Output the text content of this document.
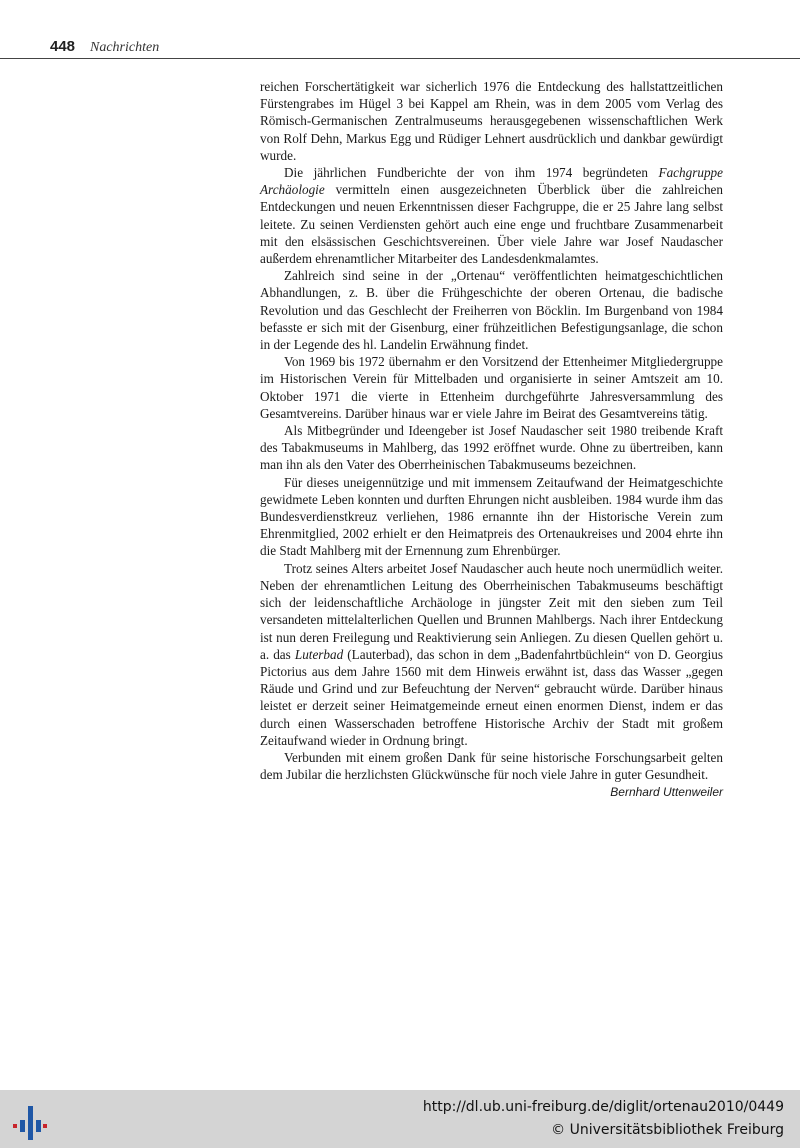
448 Nachrichten

reichen Forschertätigkeit war sicherlich 1976 die Entdeckung des hallstattzeitlichen Fürstengrabes im Hügel 3 bei Kappel am Rhein, was in dem 2005 vom Verlag des Römisch-Germanischen Zentralmuseums herausgegebenen wissenschaftlichen Werk von Rolf Dehn, Markus Egg und Rüdiger Lehnert ausdrücklich und dankbar gewürdigt wurde.

Die jährlichen Fundberichte der von ihm 1974 begründeten Fachgruppe Archäologie vermitteln einen ausgezeichneten Überblick über die zahlreichen Entdeckungen und neuen Erkenntnissen dieser Fachgruppe, die er 25 Jahre lang selbst leitete. Zu seinen Verdiensten gehört auch eine enge und fruchtbare Zusammenarbeit mit den elsässischen Geschichtsvereinen. Über viele Jahre war Josef Naudascher außerdem ehrenamtlicher Mitarbeiter des Landesdenkmalamtes.

Zahlreich sind seine in der „Ortenau“ veröffentlichten heimatgeschichtlichen Abhandlungen, z. B. über die Frühgeschichte der oberen Ortenau, die badische Revolution und das Geschlecht der Freiherren von Böcklin. Im Burgenband von 1984 befasste er sich mit der Gisenburg, einer frühzeitlichen Befestigungsanlage, die schon in der Legende des hl. Landelin Erwähnung findet.

Von 1969 bis 1972 übernahm er den Vorsitzend der Ettenheimer Mitgliedergruppe im Historischen Verein für Mittelbaden und organisierte in seiner Amtszeit am 10. Oktober 1971 die vierte in Ettenheim durchgeführte Jahresversammlung des Gesamtvereins. Darüber hinaus war er viele Jahre im Beirat des Gesamtvereins tätig.

Als Mitbegründer und Ideengeber ist Josef Naudascher seit 1980 treibende Kraft des Tabakmuseums in Mahlberg, das 1992 eröffnet wurde. Ohne zu übertreiben, kann man ihn als den Vater des Oberrheinischen Tabakmuseums bezeichnen.

Für dieses uneigennützige und mit immensem Zeitaufwand der Heimatgeschichte gewidmete Leben konnten und durften Ehrungen nicht ausbleiben. 1984 wurde ihm das Bundesverdienstkreuz verliehen, 1986 ernannte ihn der Historische Verein zum Ehrenmitglied, 2002 erhielt er den Heimatpreis des Ortenaukreises und 2004 ehrte ihn die Stadt Mahlberg mit der Ernennung zum Ehrenbürger.

Trotz seines Alters arbeitet Josef Naudascher auch heute noch unermüdlich weiter. Neben der ehrenamtlichen Leitung des Oberrheinischen Tabakmuseums beschäftigt sich der leidenschaftliche Archäologe in jüngster Zeit mit den sieben zum Teil versandeten mittelalterlichen Quellen und Brunnen Mahlbergs. Nach ihrer Entdeckung ist nun deren Freilegung und Reaktivierung sein Anliegen. Zu diesen Quellen gehört u. a. das Luterbad (Lauterbad), das schon in dem „Badenfahrtbüchlein“ von D. Georgius Pictorius aus dem Jahre 1560 mit dem Hinweis erwähnt ist, dass das Wasser „gegen Räude und Grind und zur Befeuchtung der Nerven“ gebraucht würde. Darüber hinaus leistet er derzeit seiner Heimatgemeinde erneut einen enormen Dienst, indem er das durch einen Wasserschaden betroffene Historische Archiv der Stadt mit großem Zeitaufwand wieder in Ordnung bringt.

Verbunden mit einem großen Dank für seine historische Forschungsarbeit gelten dem Jubilar die herzlichsten Glückwünsche für noch viele Jahre in guter Gesundheit.

Bernhard Uttenweiler
http://dl.ub.uni-freiburg.de/diglit/ortenau2010/0449
© Universitätsbibliothek Freiburg
